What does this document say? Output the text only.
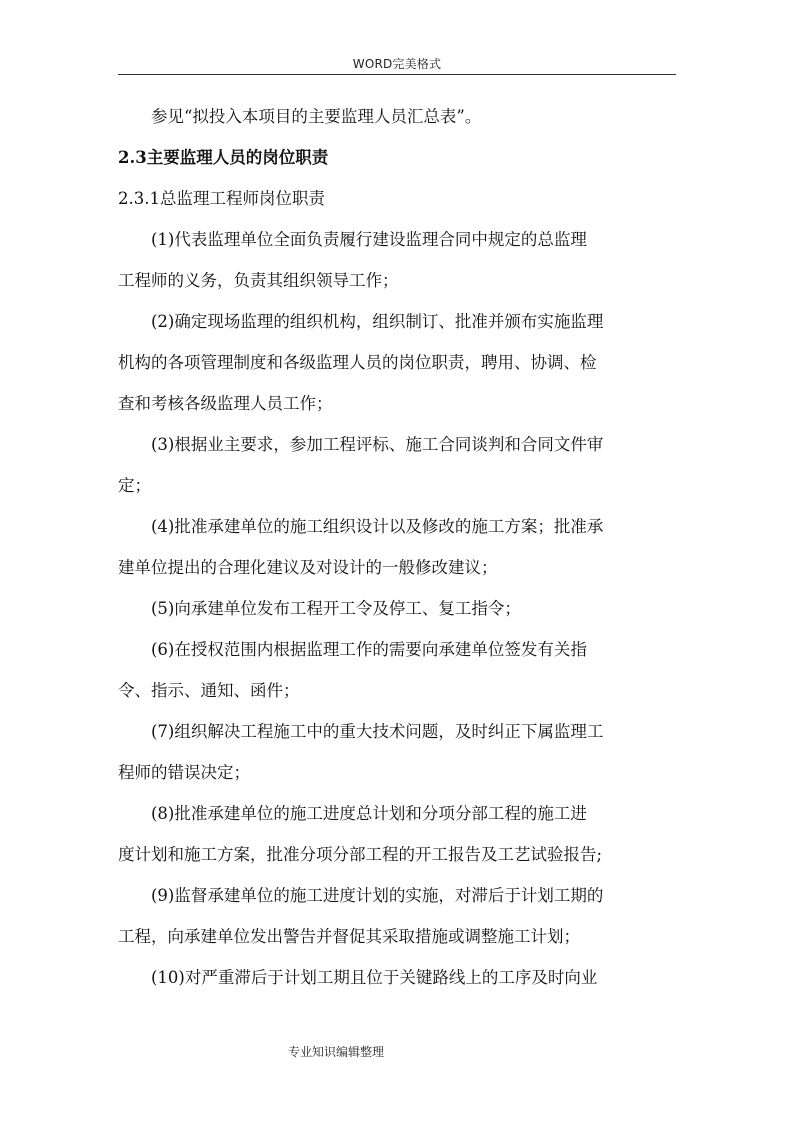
WORD完美格式
参见“拟投入本项目的主要监理人员汇总表”。
2.3主要监理人员的岗位职责
2.3.1总监理工程师岗位职责
(1)代表监理单位全面负责履行建设监理合同中规定的总监理
工程师的义务，负责其组织领导工作；
(2)确定现场监理的组织机构，组织制订、批准并颁布实施监理
机构的各项管理制度和各级监理人员的岗位职责，聘用、协调、检
查和考核各级监理人员工作；
(3)根据业主要求，参加工程评标、施工合同谈判和合同文件审
定；
(4)批准承建单位的施工组织设计以及修改的施工方案；批准承
建单位提出的合理化建议及对设计的一般修改建议；
(5)向承建单位发布工程开工令及停工、复工指令；
(6)在授权范围内根据监理工作的需要向承建单位签发有关指
令、指示、通知、函件；
(7)组织解决工程施工中的重大技术问题，及时纠正下属监理工
程师的错误决定；
(8)批准承建单位的施工进度总计划和分项分部工程的施工进
度计划和施工方案，批准分项分部工程的开工报告及工艺试验报告;
(9)监督承建单位的施工进度计划的实施，对滞后于计划工期的
工程，向承建单位发出警告并督促其采取措施或调整施工计划；
(10)对严重滞后于计划工期且位于关键路线上的工序及时向业
专业知识编辑整理
